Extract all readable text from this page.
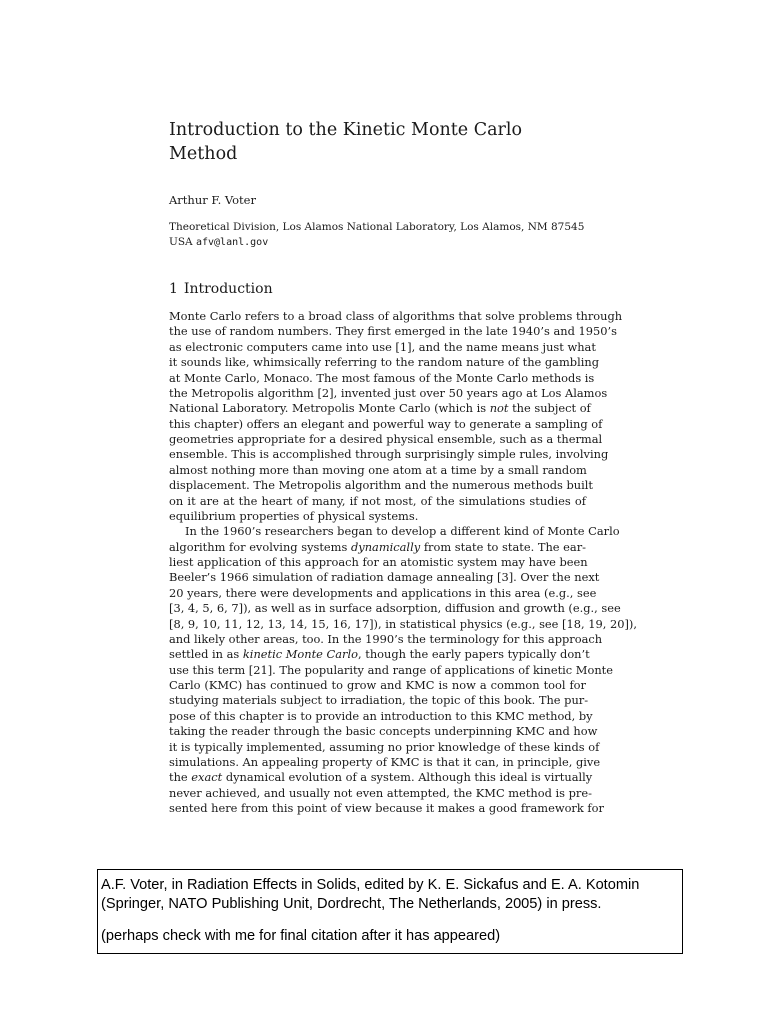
Introduction to the Kinetic Monte Carlo
Method
Arthur F. Voter
Theoretical Division, Los Alamos National Laboratory, Los Alamos, NM 87545
USA afv@lanl.gov
1 Introduction
Monte Carlo refers to a broad class of algorithms that solve problems through
the use of random numbers. They first emerged in the late 1940’s and 1950’s
as electronic computers came into use [1], and the name means just what
it sounds like, whimsically referring to the random nature of the gambling
at Monte Carlo, Monaco. The most famous of the Monte Carlo methods is
the Metropolis algorithm [2], invented just over 50 years ago at Los Alamos
National Laboratory. Metropolis Monte Carlo (which is not the subject of
this chapter) offers an elegant and powerful way to generate a sampling of
geometries appropriate for a desired physical ensemble, such as a thermal
ensemble. This is accomplished through surprisingly simple rules, involving
almost nothing more than moving one atom at a time by a small random
displacement. The Metropolis algorithm and the numerous methods built
on it are at the heart of many, if not most, of the simulations studies of
equilibrium properties of physical systems.
In the 1960’s researchers began to develop a different kind of Monte Carlo
algorithm for evolving systems dynamically from state to state. The ear-
liest application of this approach for an atomistic system may have been
Beeler’s 1966 simulation of radiation damage annealing [3]. Over the next
20 years, there were developments and applications in this area (e.g., see
[3, 4, 5, 6, 7]), as well as in surface adsorption, diffusion and growth (e.g., see
[8, 9, 10, 11, 12, 13, 14, 15, 16, 17]), in statistical physics (e.g., see [18, 19, 20]),
and likely other areas, too. In the 1990’s the terminology for this approach
settled in as kinetic Monte Carlo, though the early papers typically don’t
use this term [21]. The popularity and range of applications of kinetic Monte
Carlo (KMC) has continued to grow and KMC is now a common tool for
studying materials subject to irradiation, the topic of this book. The pur-
pose of this chapter is to provide an introduction to this KMC method, by
taking the reader through the basic concepts underpinning KMC and how
it is typically implemented, assuming no prior knowledge of these kinds of
simulations. An appealing property of KMC is that it can, in principle, give
the exact dynamical evolution of a system. Although this ideal is virtually
never achieved, and usually not even attempted, the KMC method is pre-
sented here from this point of view because it makes a good framework for
A.F. Voter, in Radiation Effects in Solids, edited by K. E. Sickafus and E. A. Kotomin
(Springer, NATO Publishing Unit, Dordrecht, The Netherlands, 2005) in press.
(perhaps check with me for final citation after it has appeared)
